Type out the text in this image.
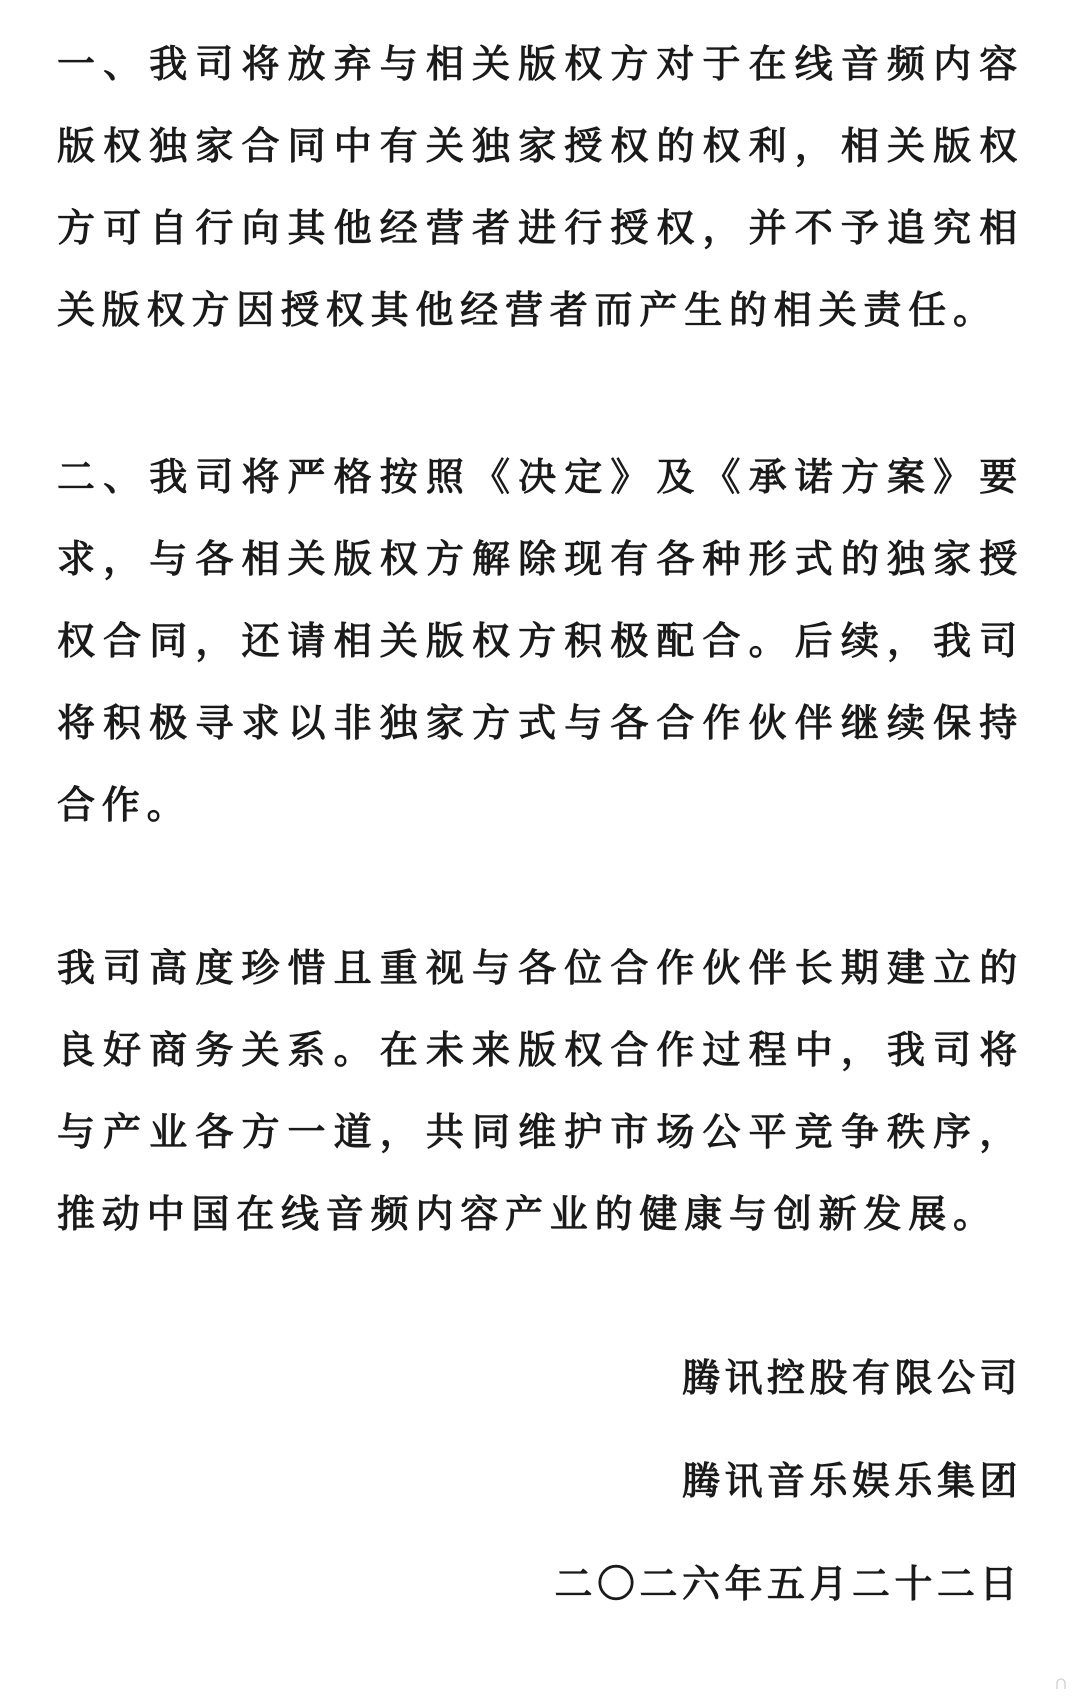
一、我司将放弃与相关版权方对于在线音频内容版权独家合同中有关独家授权的权利，相关版权方可自行向其他经营者进行授权，并不予追究相关版权方因授权其他经营者而产生的相关责任。

二、我司将严格按照《决定》及《承诺方案》要求，与各相关版权方解除现有各种形式的独家授权合同，还请相关版权方积极配合。后续，我司将积极寻求以非独家方式与各合作伙伴继续保持合作。

我司高度珍惜且重视与各位合作伙伴长期建立的良好商务关系。在未来版权合作过程中，我司将与产业各方一道，共同维护市场公平竞争秩序，推动中国在线音频内容产业的健康与创新发展。

腾讯控股有限公司
腾讯音乐娱乐集团
二〇二六年五月二十二日
